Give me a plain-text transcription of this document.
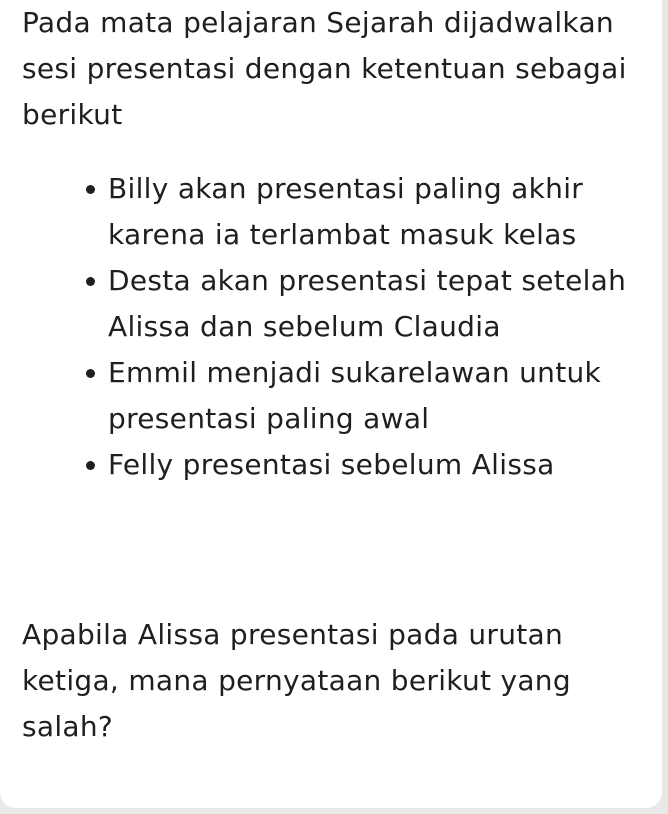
Pada mata pelajaran Sejarah dijadwalkan sesi presentasi dengan ketentuan sebagai berikut

Billy akan presentasi paling akhir karena ia terlambat masuk kelas
Desta akan presentasi tepat setelah Alissa dan sebelum Claudia
Emmil menjadi sukarelawan untuk presentasi paling awal
Felly presentasi sebelum Alissa

Apabila Alissa presentasi pada urutan ketiga, mana pernyataan berikut yang salah?
